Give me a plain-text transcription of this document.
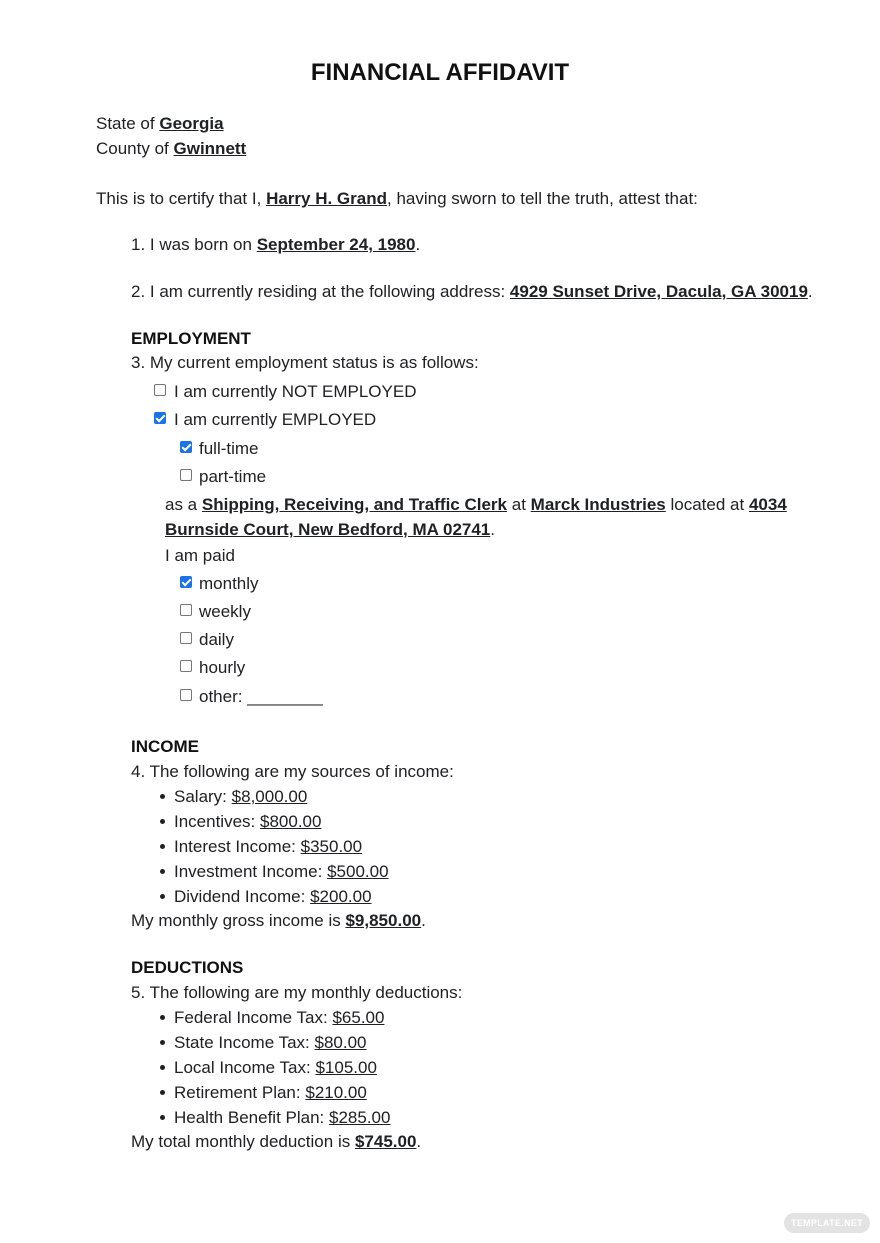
FINANCIAL AFFIDAVIT
State of Georgia
County of Gwinnett
This is to certify that I, Harry H. Grand, having sworn to tell the truth, attest that:
1. I was born on September 24, 1980.
2. I am currently residing at the following address: 4929 Sunset Drive, Dacula, GA 30019.
EMPLOYMENT
3. My current employment status is as follows:
I am currently NOT EMPLOYED
I am currently EMPLOYED
full-time
part-time
as a Shipping, Receiving, and Traffic Clerk at Marck Industries located at 4034
Burnside Court, New Bedford, MA 02741.
I am paid
monthly
weekly
daily
hourly
other: ________
INCOME
4. The following are my sources of income:
Salary: $8,000.00
Incentives: $800.00
Interest Income: $350.00
Investment Income: $500.00
Dividend Income: $200.00
My monthly gross income is $9,850.00.
DEDUCTIONS
5. The following are my monthly deductions:
Federal Income Tax: $65.00
State Income Tax: $80.00
Local Income Tax: $105.00
Retirement Plan: $210.00
Health Benefit Plan: $285.00
My total monthly deduction is $745.00.
TEMPLATE.NET
